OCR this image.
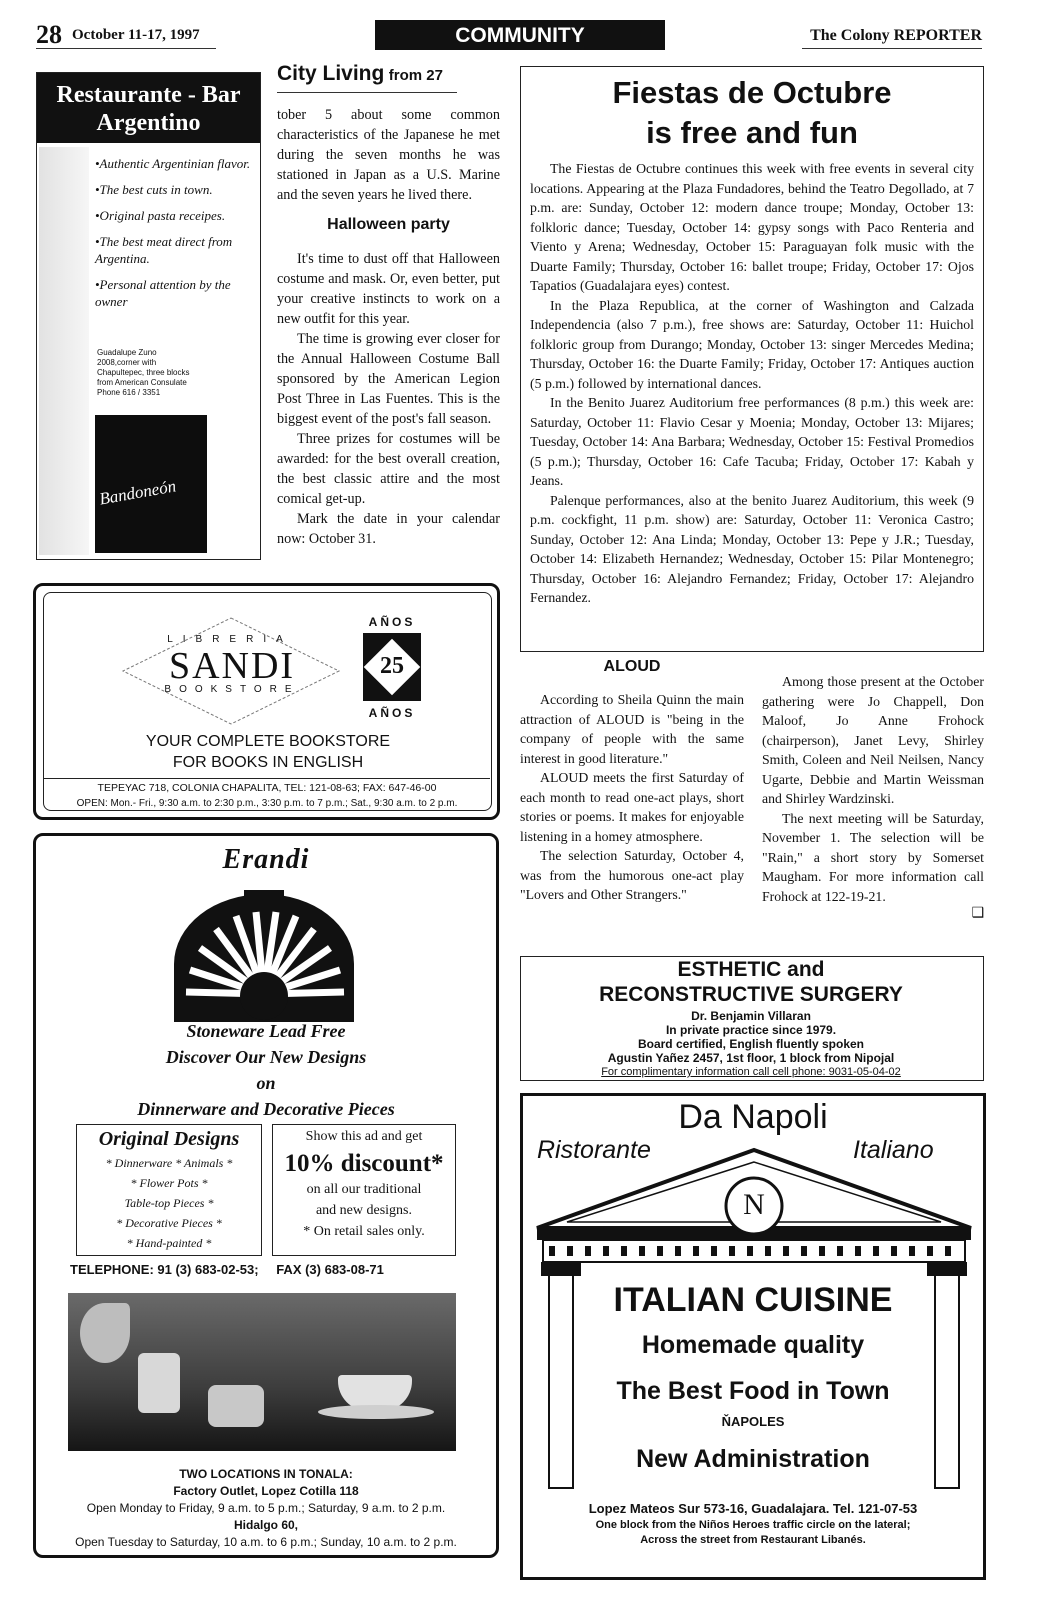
28 October 11-17, 1997	COMMUNITY	The Colony REPORTER
Restaurante - Bar
Argentino

•Authentic Argentinian flavor.

•The best cuts in town.

•Original pasta receipes.

•The best meat direct from Argentina.

•Personal attention by the owner

Guadalupe Zuno
2008,corner with
Chapultepec, three blocks
from American Consulate
Phone 616 / 3351
Bandoneón
City Living from 27

tober 5 about some common characteristics of the Japanese he met during the seven months he was stationed in Japan as a U.S. Marine and the seven years he lived there.

Halloween party

It's time to dust off that Halloween costume and mask. Or, even better, put your creative instincts to work on a new outfit for this year.

The time is growing ever closer for the Annual Halloween Costume Ball sponsored by the American Legion Post Three in Las Fuentes. This is the biggest event of the post's fall season.

Three prizes for costumes will be awarded: for the best overall creation, the best classic attire and the most comical get-up.

Mark the date in your calendar now: October 31.

Fiestas de Octubre
is free and fun

The Fiestas de Octubre continues this week with free events in several city locations. Appearing at the Plaza Fundadores, behind the Teatro Degollado, at 7 p.m. are: Sunday, October 12: modern dance troupe; Monday, October 13: folkloric dance; Tuesday, October 14: gypsy songs with Paco Renteria and Viento y Arena; Wednesday, October 15: Paraguayan folk music with the Duarte Family; Thursday, October 16: ballet troupe; Friday, October 17: Ojos Tapatios (Guadalajara eyes) contest.

In the Plaza Republica, at the corner of Washington and Calzada Independencia (also 7 p.m.), free shows are: Saturday, October 11: Huichol folkloric group from Durango; Monday, October 13: singer Mercedes Medina; Thursday, October 16: the Duarte Family; Friday, October 17: Antiques auction (5 p.m.) followed by international dances.

In the Benito Juarez Auditorium free performances (8 p.m.) this week are: Saturday, October 11: Flavio Cesar y Moenia; Monday, October 13: Mijares; Tuesday, October 14: Ana Barbara; Wednesday, October 15: Festival Promedios (5 p.m.); Thursday, October 16: Cafe Tacuba; Friday, October 17: Kabah y Jeans.

Palenque performances, also at the benito Juarez Auditorium, this week (9 p.m. cockfight, 11 p.m. show) are: Saturday, October 11: Veronica Castro; Sunday, October 12: Ana Linda; Monday, October 13: Pepe y J.R.; Tuesday, October 14: Elizabeth Hernandez; Wednesday, October 15: Pilar Montenegro; Thursday, October 16: Alejandro Fernandez; Friday, October 17: Alejandro Fernandez.

ALOUD

According to Sheila Quinn the main attraction of ALOUD is "being in the company of people with the same interest in good literature."

ALOUD meets the first Saturday of each month to read one-act plays, short stories or poems. It makes for enjoyable listening in a homey atmosphere.

The selection Saturday, October 4, was from the humorous one-act play "Lovers and Other Strangers."

Among those present at the October gathering were Jo Chappell, Don Maloof, Jo Anne Frohock (chairperson), Janet Levy, Shirley Smith, Coleen and Neil Neilsen, Nancy Ugarte, Debbie and Martin Weissman and Shirley Wardzinski.

The next meeting will be Saturday, November 1. The selection will be "Rain," a short story by Somerset Maugham. For more information call Frohock at 122-19-21.

❑
LIBRERIA
SANDI
BOOKSTORE
AÑOS
25
AÑOS
YOUR COMPLETE BOOKSTORE
FOR BOOKS IN ENGLISH
TEPEYAC 718, COLONIA CHAPALITA, TEL: 121-08-63; FAX: 647-46-00
OPEN: Mon.- Fri., 9:30 a.m. to 2:30 p.m., 3:30 p.m. to 7 p.m.; Sat., 9:30 a.m. to 2 p.m.
Erandi
Stoneware Lead Free
Discover Our New Designs
on
Dinnerware and Decorative Pieces
Original Designs
* Dinnerware * Animals *
* Flower Pots *
Table-top Pieces *
* Decorative Pieces *
* Hand-painted *
Show this ad and get
10% discount*
on all our traditional
and new designs.
* On retail sales only.
TELEPHONE: 91 (3) 683-02-53; FAX (3) 683-08-71
TWO LOCATIONS IN TONALA:
Factory Outlet, Lopez Cotilla 118
Open Monday to Friday, 9 a.m. to 5 p.m.; Saturday, 9 a.m. to 2 p.m.
Hidalgo 60,
Open Tuesday to Saturday, 10 a.m. to 6 p.m.; Sunday, 10 a.m. to 2 p.m.
ESTHETIC and
RECONSTRUCTIVE SURGERY
Dr. Benjamin Villaran
In private practice since 1979.
Board certified, English fluently spoken
Agustin Yañez 2457, 1st floor, 1 block from Nipojal
For complimentary information call cell phone: 9031-05-04-02
Da Napoli
Ristorante	Italiano
N
ITALIAN CUISINE
Homemade quality
The Best Food in Town
ŇAPOLES
New Administration
Lopez Mateos Sur 573-16, Guadalajara. Tel. 121-07-53
One block from the Niños Heroes traffic circle on the lateral;
Across the street from Restaurant Libanés.
